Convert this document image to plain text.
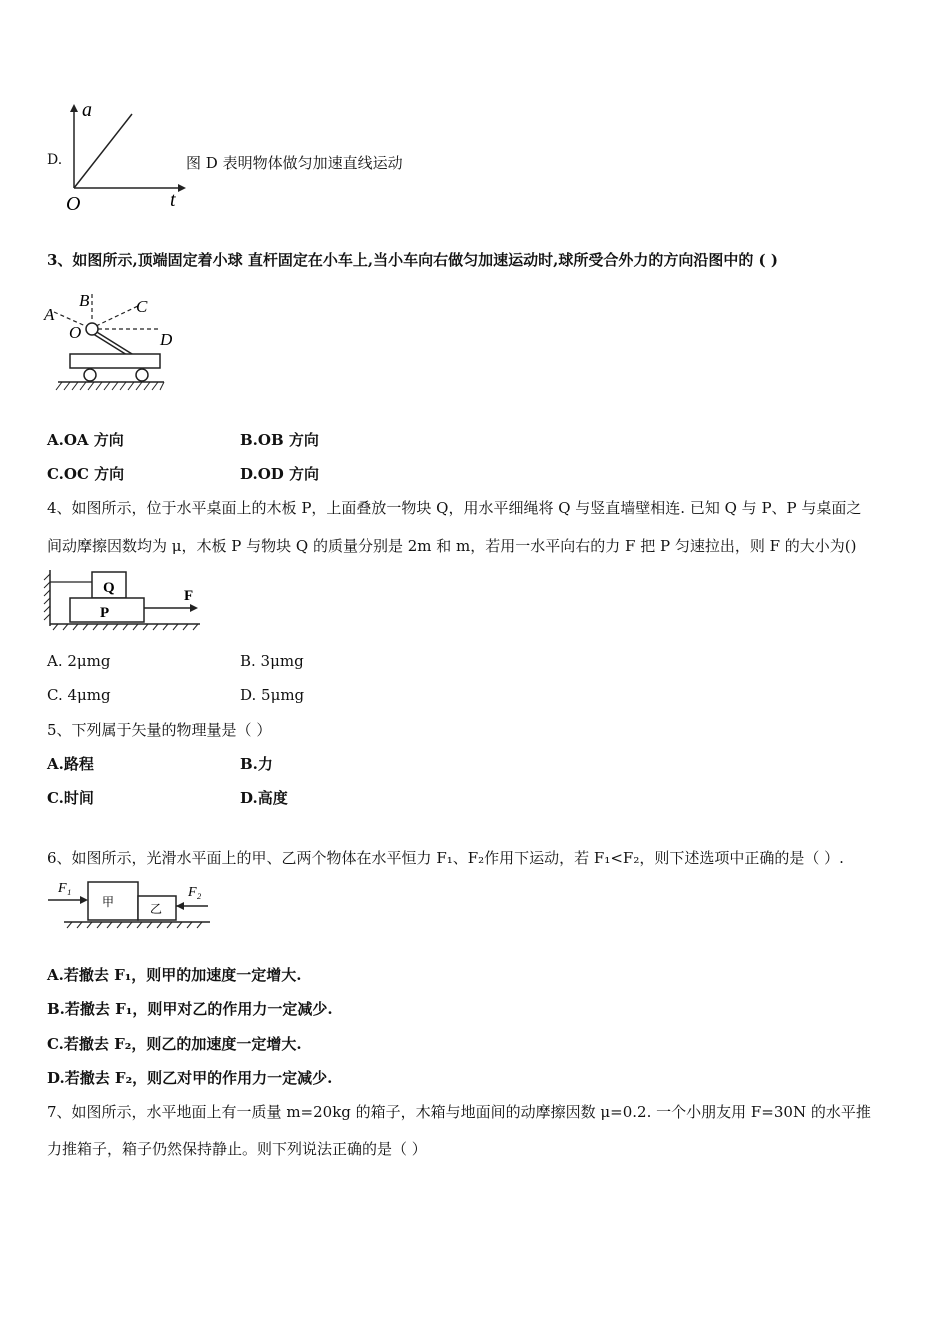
D.
a
t
O
图 D 表明物体做匀加速直线运动
3、如图所示,顶端固定着小球 直杆固定在小车上,当小车向右做匀加速运动时,球所受合外力的方向沿图中的 ( )
A
B	C
O	D
A.OA 方向	B.OB 方向
C.OC 方向	D.OD 方向
4、如图所示，位于水平桌面上的木板 P，上面叠放一物块 Q，用水平细绳将 Q 与竖直墙壁相连. 已知 Q 与 P、P 与桌面之
间动摩擦因数均为 μ，木板 P 与物块 Q 的质量分别是 2m 和 m，若用一水平向右的力 F 把 P 匀速拉出，则 F 的大小为()
Q
P
F
A. 2μmg	B. 3μmg
C. 4μmg	D. 5μmg
5、下列属于矢量的物理量是（ ）
A.路程	B.力
C.时间	D.高度
6、如图所示，光滑水平面上的甲、乙两个物体在水平恒力 F₁、F₂作用下运动，若 F₁<F₂，则下述选项中正确的是（ ）.
F₁	F₂
甲	乙
A.若撤去 F₁，则甲的加速度一定增大.
B.若撤去 F₁，则甲对乙的作用力一定减少.
C.若撤去 F₂，则乙的加速度一定增大.
D.若撤去 F₂，则乙对甲的作用力一定减少.
7、如图所示，水平地面上有一质量 m=20kg 的箱子，木箱与地面间的动摩擦因数 μ=0.2. 一个小朋友用 F=30N 的水平推
力推箱子，箱子仍然保持静止。则下列说法正确的是（ ）
